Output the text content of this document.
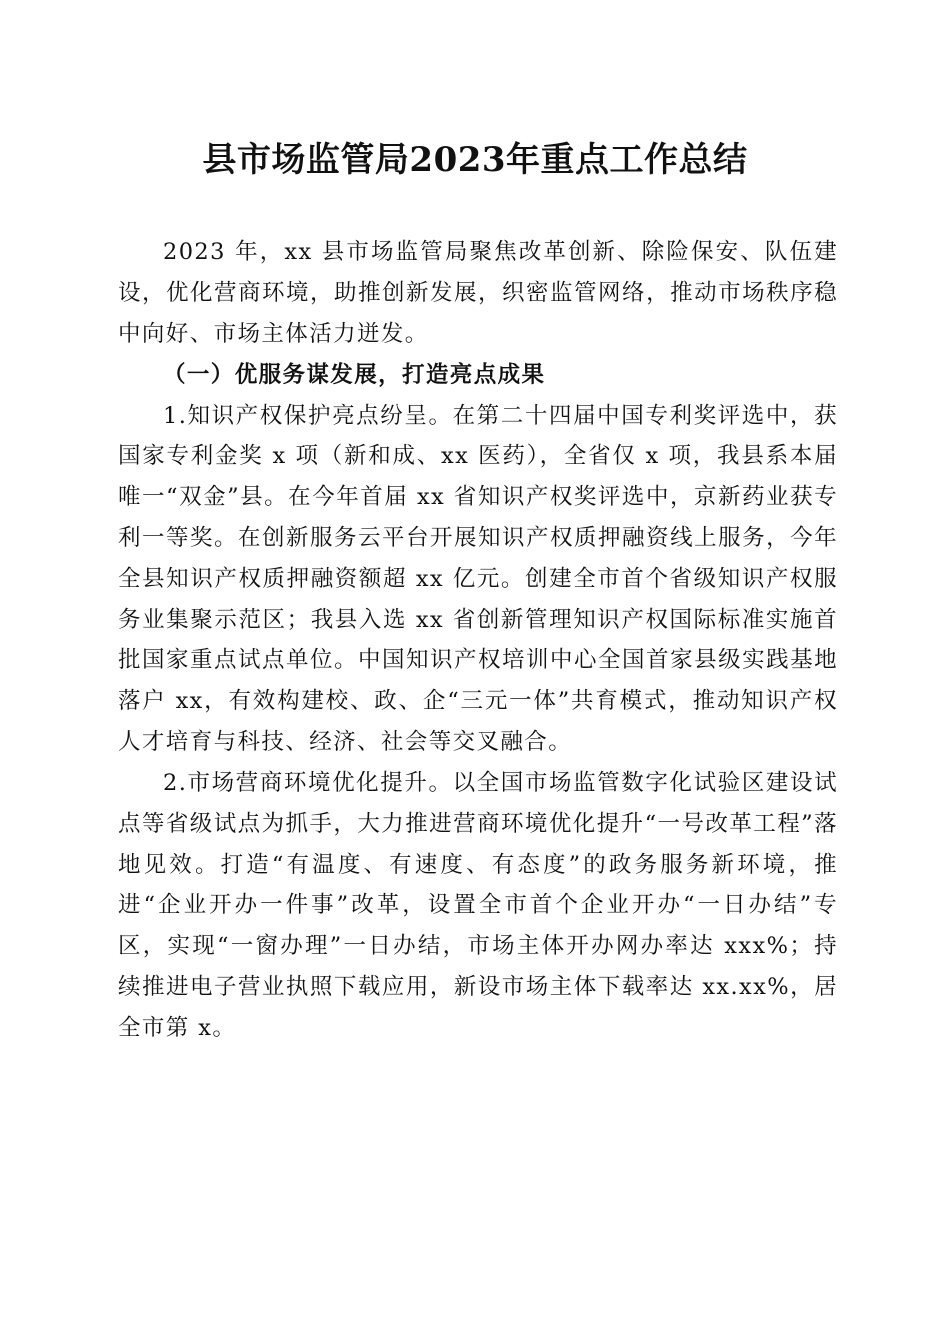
县市场监管局2023年重点工作总结

2023 年，xx 县市场监管局聚焦改革创新、除险保安、队伍建设，优化营商环境，助推创新发展，织密监管网络，推动市场秩序稳中向好、市场主体活力迸发。

（一）优服务谋发展，打造亮点成果

1.知识产权保护亮点纷呈。在第二十四届中国专利奖评选中，获国家专利金奖 x 项（新和成、xx 医药），全省仅 x 项，我县系本届唯一“双金”县。在今年首届 xx 省知识产权奖评选中，京新药业获专利一等奖。在创新服务云平台开展知识产权质押融资线上服务，今年全县知识产权质押融资额超 xx 亿元。创建全市首个省级知识产权服务业集聚示范区；我县入选 xx 省创新管理知识产权国际标准实施首批国家重点试点单位。中国知识产权培训中心全国首家县级实践基地落户 xx，有效构建校、政、企“三元一体”共育模式，推动知识产权人才培育与科技、经济、社会等交叉融合。

2.市场营商环境优化提升。以全国市场监管数字化试验区建设试点等省级试点为抓手，大力推进营商环境优化提升“一号改革工程”落地见效。打造“有温度、有速度、有态度”的政务服务新环境，推进“企业开办一件事”改革，设置全市首个企业开办“一日办结”专区，实现“一窗办理”一日办结，市场主体开办网办率达 xxx%；持续推进电子营业执照下载应用，新设市场主体下载率达 xx.xx%，居全市第 x。
